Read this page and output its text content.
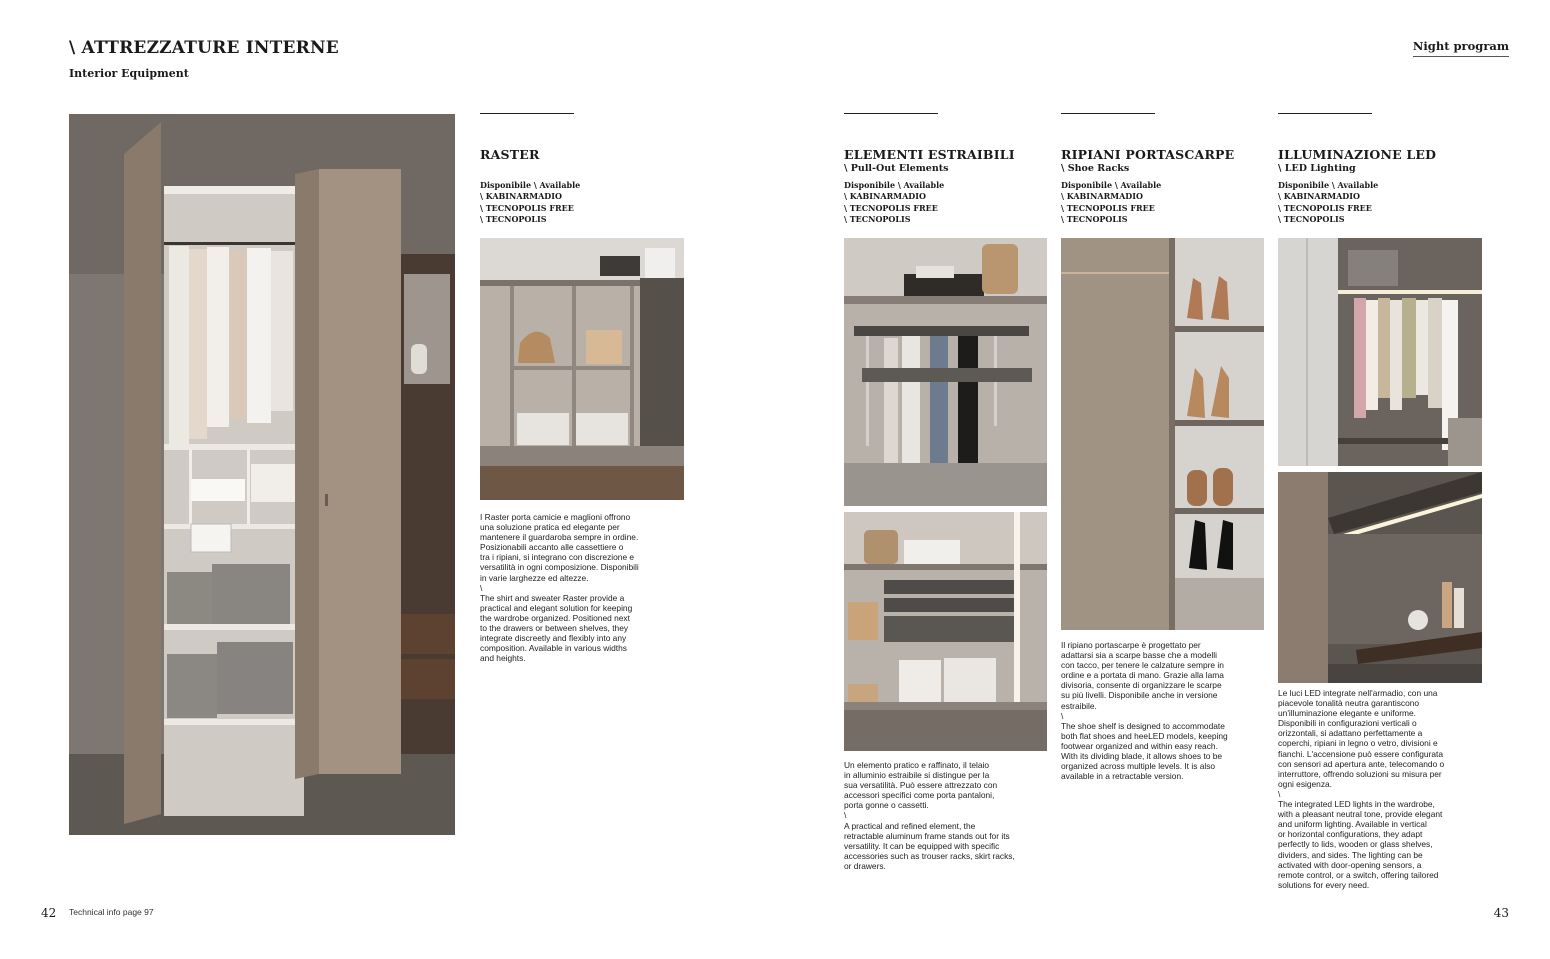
\ ATTREZZATURE INTERNE
Interior Equipment
Night program
RASTER
Disponibile \ Available
\ KABINARMADIO
\ TECNOPOLIS FREE
\ TECNOPOLIS
I Raster porta camicie e maglioni offrono
una soluzione pratica ed elegante per
mantenere il guardaroba sempre in ordine.
Posizionabili accanto alle cassettiere o
tra i ripiani, si integrano con discrezione e
versatilità in ogni composizione. Disponibili
in varie larghezze ed altezze.
\
The shirt and sweater Raster provide a
practical and elegant solution for keeping
the wardrobe organized. Positioned next
to the drawers or between shelves, they
integrate discreetly and flexibly into any
composition. Available in various widths
and heights.
ELEMENTI ESTRAIBILI
\ Pull-Out Elements
Disponibile \ Available
\ KABINARMADIO
\ TECNOPOLIS FREE
\ TECNOPOLIS
Un elemento pratico e raffinato, il telaio
in alluminio estraibile si distingue per la
sua versatilità. Può essere attrezzato con
accessori specifici come porta pantaloni,
porta gonne o cassetti.
\
A practical and refined element, the
retractable aluminum frame stands out for its
versatility. It can be equipped with specific
accessories such as trouser racks, skirt racks,
or drawers.
RIPIANI PORTASCARPE
\ Shoe Racks
Disponibile \ Available
\ KABINARMADIO
\ TECNOPOLIS FREE
\ TECNOPOLIS
Il ripiano portascarpe è progettato per
adattarsi sia a scarpe basse che a modelli
con tacco, per tenere le calzature sempre in
ordine e a portata di mano. Grazie alla lama
divisoria, consente di organizzare le scarpe
su più livelli. Disponibile anche in versione
estraibile.
\
The shoe shelf is designed to accommodate
both flat shoes and heeLED models, keeping
footwear organized and within easy reach.
With its dividing blade, it allows shoes to be
organized across multiple levels. It is also
available in a retractable version.
ILLUMINAZIONE LED
\ LED Lighting
Disponibile \ Available
\ KABINARMADIO
\ TECNOPOLIS FREE
\ TECNOPOLIS
Le luci LED integrate nell'armadio, con una
piacevole tonalità neutra garantiscono
un'illuminazione elegante e uniforme.
Disponibili in configurazioni verticali o
orizzontali, si adattano perfettamente a
coperchi, ripiani in legno o vetro, divisioni e
fianchi. L'accensione può essere configurata
con sensori ad apertura ante, telecomando o
interruttore, offrendo soluzioni su misura per
ogni esigenza.
\
The integrated LED lights in the wardrobe,
with a pleasant neutral tone, provide elegant
and uniform lighting. Available in vertical
or horizontal configurations, they adapt
perfectly to lids, wooden or glass shelves,
dividers, and sides. The lighting can be
activated with door-opening sensors, a
remote control, or a switch, offering tailored
solutions for every need.
42 Technical info page 97	43
